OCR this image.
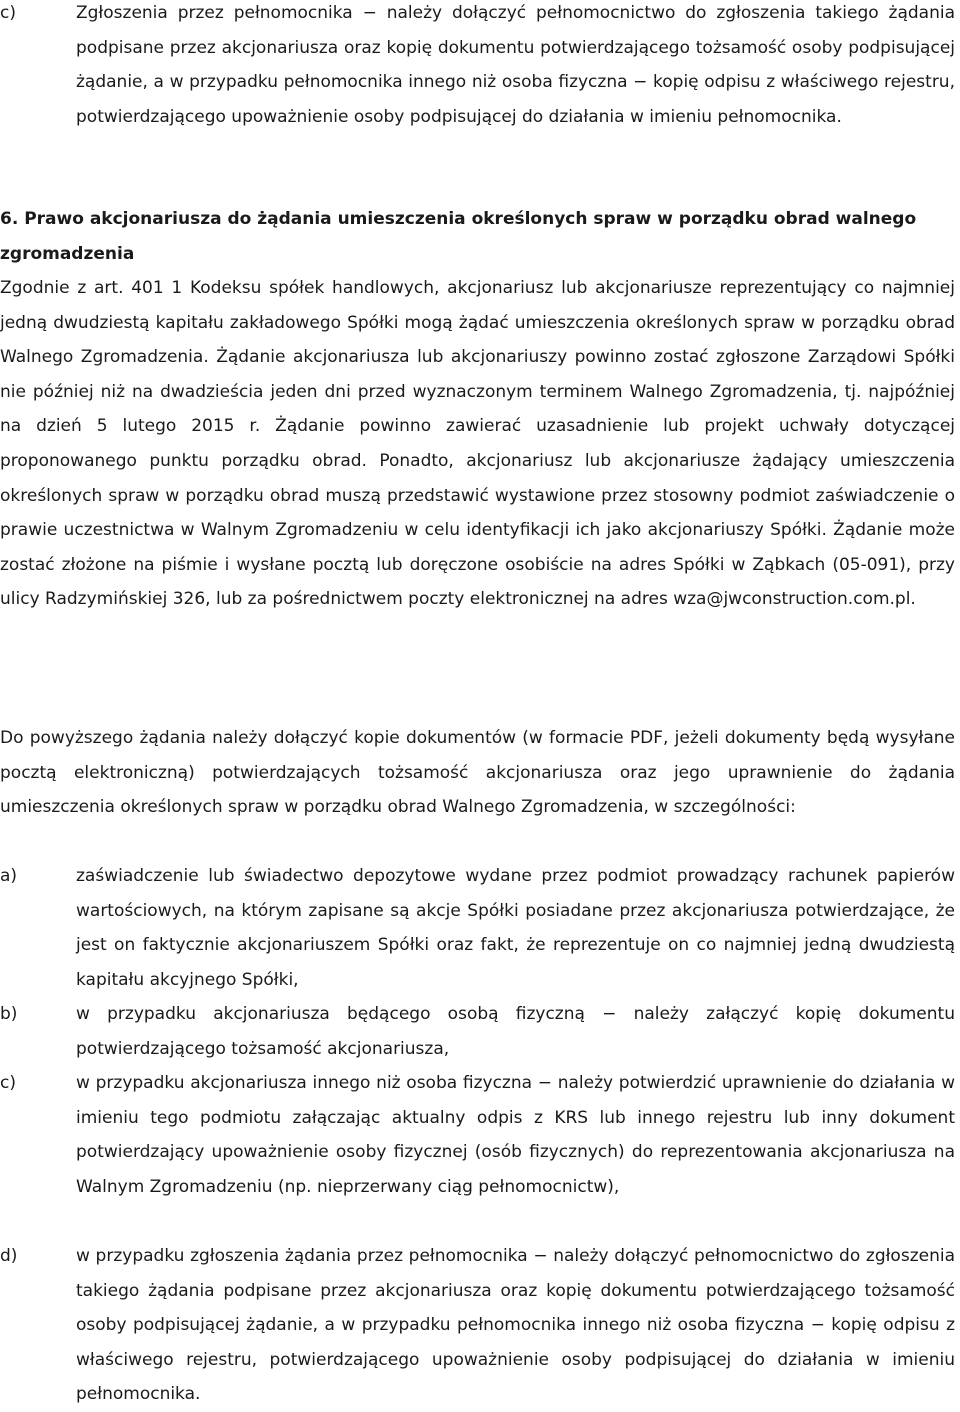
c)	Zgłoszenia przez pełnomocnika − należy dołączyć pełnomocnictwo do zgłoszenia takiego żądania podpisane przez akcjonariusza oraz kopię dokumentu potwierdzającego tożsamość osoby podpisującej żądanie, a w przypadku pełnomocnika innego niż osoba fizyczna − kopię odpisu z właściwego rejestru, potwierdzającego upoważnienie osoby podpisującej do działania w imieniu pełnomocnika.
6. Prawo akcjonariusza do żądania umieszczenia określonych spraw w porządku obrad walnego zgromadzenia
Zgodnie z art. 401 1 Kodeksu spółek handlowych, akcjonariusz lub akcjonariusze reprezentujący co najmniej jedną dwudziestą kapitału zakładowego Spółki mogą żądać umieszczenia określonych spraw w porządku obrad Walnego Zgromadzenia. Żądanie akcjonariusza lub akcjonariuszy powinno zostać zgłoszone Zarządowi Spółki nie później niż na dwadzieścia jeden dni przed wyznaczonym terminem Walnego Zgromadzenia, tj. najpóźniej na dzień 5 lutego 2015 r. Żądanie powinno zawierać uzasadnienie lub projekt uchwały dotyczącej proponowanego punktu porządku obrad. Ponadto, akcjonariusz lub akcjonariusze żądający umieszczenia określonych spraw w porządku obrad muszą przedstawić wystawione przez stosowny podmiot zaświadczenie o prawie uczestnictwa w Walnym Zgromadzeniu w celu identyfikacji ich jako akcjonariuszy Spółki. Żądanie może zostać złożone na piśmie i wysłane pocztą lub doręczone osobiście na adres Spółki w Ząbkach (05-091), przy ulicy Radzymińskiej 326, lub za pośrednictwem poczty elektronicznej na adres wza@jwconstruction.com.pl.
Do powyższego żądania należy dołączyć kopie dokumentów (w formacie PDF, jeżeli dokumenty będą wysyłane pocztą elektroniczną) potwierdzających tożsamość akcjonariusza oraz jego uprawnienie do żądania umieszczenia określonych spraw w porządku obrad Walnego Zgromadzenia, w szczególności:
a)	zaświadczenie lub świadectwo depozytowe wydane przez podmiot prowadzący rachunek papierów wartościowych, na którym zapisane są akcje Spółki posiadane przez akcjonariusza potwierdzające, że jest on faktycznie akcjonariuszem Spółki oraz fakt, że reprezentuje on co najmniej jedną dwudziestą kapitału akcyjnego Spółki,
b)	w przypadku akcjonariusza będącego osobą fizyczną − należy załączyć kopię dokumentu potwierdzającego tożsamość akcjonariusza,
c)	w przypadku akcjonariusza innego niż osoba fizyczna − należy potwierdzić uprawnienie do działania w imieniu tego podmiotu załączając aktualny odpis z KRS lub innego rejestru lub inny dokument potwierdzający upoważnienie osoby fizycznej (osób fizycznych) do reprezentowania akcjonariusza na Walnym Zgromadzeniu (np. nieprzerwany ciąg pełnomocnictw),
d)	w przypadku zgłoszenia żądania przez pełnomocnika − należy dołączyć pełnomocnictwo do zgłoszenia takiego żądania podpisane przez akcjonariusza oraz kopię dokumentu potwierdzającego tożsamość osoby podpisującej żądanie, a w przypadku pełnomocnika innego niż osoba fizyczna − kopię odpisu z właściwego rejestru, potwierdzającego upoważnienie osoby podpisującej do działania w imieniu pełnomocnika.
